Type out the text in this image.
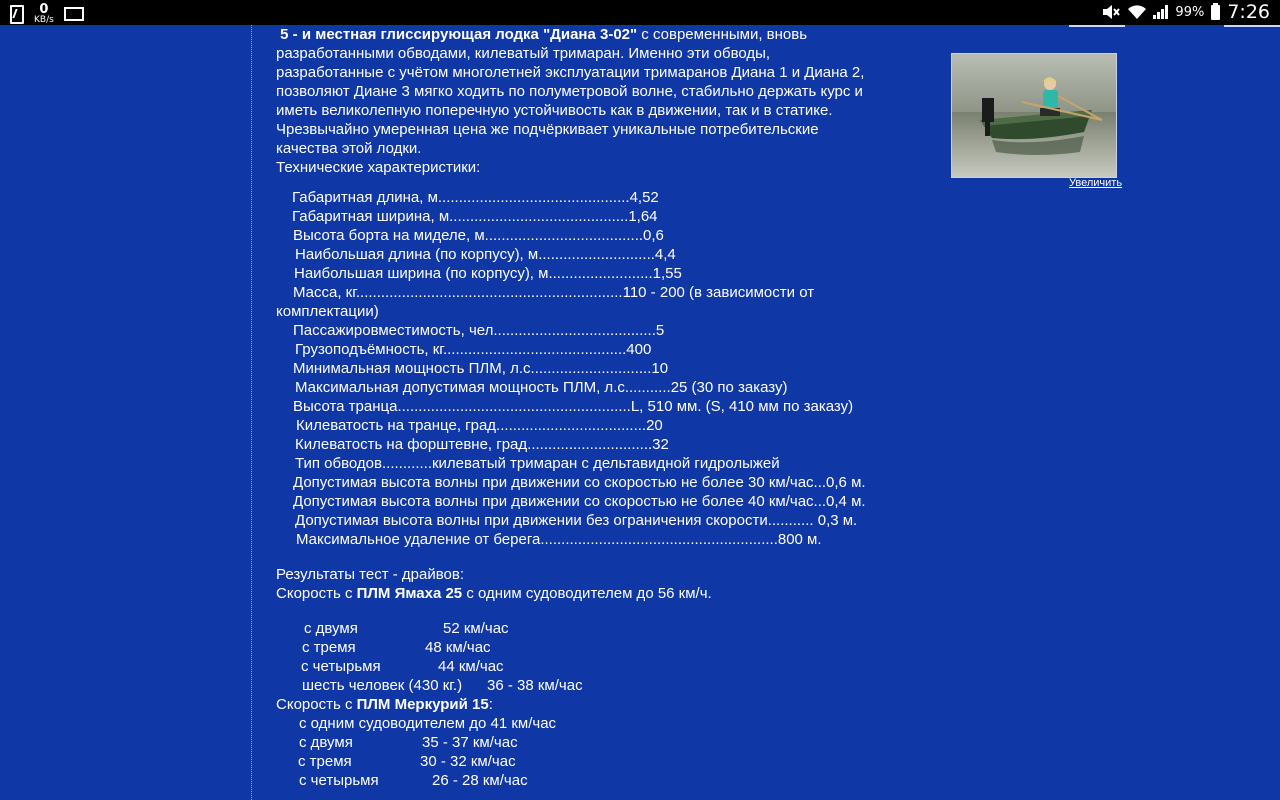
0
KB/s
99% 7:26

5 - и местная глиссирующая лодка "Диана 3-02" с современными, вновь
разработанными обводами, килеватый тримаран. Именно эти обводы,
разработанные с учётом многолетней эксплуатации тримаранов Диана 1 и Диана 2,
позволяют Диане 3 мягко ходить по полуметровой волне, стабильно держать курс и
иметь великолепную поперечную устойчивость как в движении, так и в статике.
Чрезвычайно умеренная цена же подчёркивает уникальные потребительские
качества этой лодки.

Технические характеристики:

Габаритная длина, м..............................................4,52
Габаритная ширина, м...........................................1,64
Высота борта на миделе, м......................................0,6
Наибольшая длина (по корпусу), м............................4,4
Наибольшая ширина (по корпусу), м.........................1,55
Масса, кг................................................................110 - 200 (в зависимости от
комплектации)
Пассажировместимость, чел.......................................5
Грузоподъёмность, кг............................................400
Минимальная мощность ПЛМ, л.с.............................10
Максимальная допустимая мощность ПЛМ, л.с...........25 (30 по заказу)
Высота транца........................................................L, 510 мм. (S, 410 мм по заказу)
Килеватость на транце, град....................................20
Килеватость на форштевне, град..............................32
Тип обводов............килеватый тримаран с дельтавидной гидролыжей
Допустимая высота волны при движении со скоростью не более 30 км/час...0,6 м.
Допустимая высота волны при движении со скоростью не более 40 км/час...0,4 м.
Допустимая высота волны при движении без ограничения скорости........... 0,3 м.
Максимальное удаление от берега.........................................................800 м.

Результаты тест - драйвов:

Скорость с ПЛМ Ямаха 25 с одним судоводителем до 56 км/ч.

с двумя	52 км/час
с тремя	48 км/час
с четырьмя	44 км/час
шесть человек (430 кг.) 36 - 38 км/час

Скорость с ПЛМ Меркурий 15:

с одним судоводителем до 41 км/час
с двумя	35 - 37 км/час
с тремя	30 - 32 км/час
с четырьмя	26 - 28 км/час
Увеличить
